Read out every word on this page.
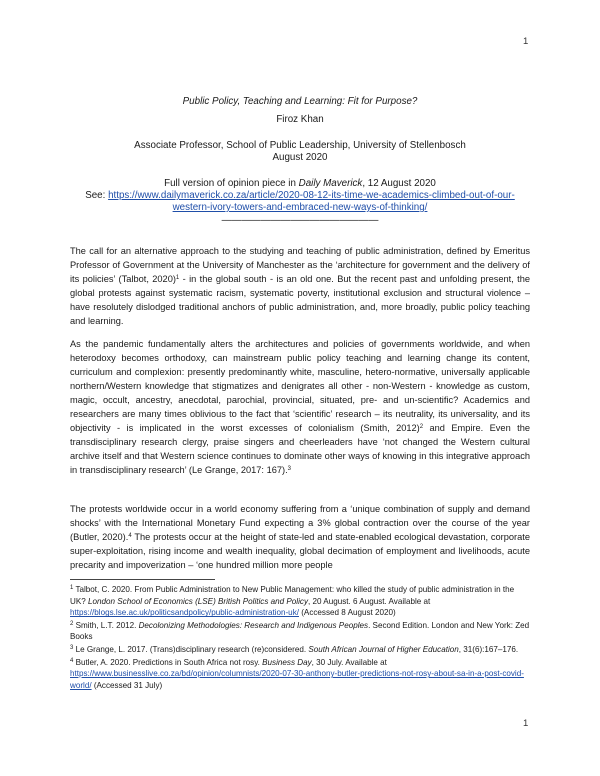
1
Public Policy, Teaching and Learning: Fit for Purpose?
Firoz Khan
Associate Professor, School of Public Leadership, University of Stellenbosch
August 2020
Full version of opinion piece in Daily Maverick, 12 August 2020
See: https://www.dailymaverick.co.za/article/2020-08-12-its-time-we-academics-climbed-out-of-our-western-ivory-towers-and-embraced-new-ways-of-thinking/
————————————————
The call for an alternative approach to the studying and teaching of public administration, defined by Emeritus Professor of Government at the University of Manchester as the ‘architecture for government and the delivery of its policies’ (Talbot, 2020)$^1$ - in the global south - is an old one. But the recent past and unfolding present, the global protests against systematic racism, systematic poverty, institutional exclusion and structural violence – have resolutely dislodged traditional anchors of public administration, and, more broadly, public policy teaching and learning.
As the pandemic fundamentally alters the architectures and policies of governments worldwide, and when heterodoxy becomes orthodoxy, can mainstream public policy teaching and learning change its content, curriculum and complexion: presently predominantly white, masculine, hetero-normative, universally applicable northern/Western knowledge that stigmatizes and denigrates all other - non-Western - knowledge as custom, magic, occult, ancestry, anecdotal, parochial, provincial, situated, pre- and un-scientific? Academics and researchers are many times oblivious to the fact that ‘scientific’ research – its neutrality, its universality, and its objectivity - is implicated in the worst excesses of colonialism (Smith, 2012)$^2$ and Empire. Even the transdisciplinary research clergy, praise singers and cheerleaders have ‘not changed the Western cultural archive itself and that Western science continues to dominate other ways of knowing in this integrative approach in transdisciplinary research’ (Le Grange, 2017: 167).$^3$
The protests worldwide occur in a world economy suffering from a ‘unique combination of supply and demand shocks’ with the International Monetary Fund expecting a 3% global contraction over the course of the year (Butler, 2020).$^4$ The protests occur at the height of state-led and state-enabled ecological devastation, corporate super-exploitation, rising income and wealth inequality, global decimation of employment and livelihoods, acute precarity and impoverization – ‘one hundred million more people
$^1$ Talbot, C. 2020. From Public Administration to New Public Management: who killed the study of public administration in the UK? London School of Economics (LSE) British Politics and Policy, 20 August. 6 August. Available at https://blogs.lse.ac.uk/politicsandpolicy/public-administration-uk/ (Accessed 8 August 2020)
$^2$ Smith, L.T. 2012. Decolonizing Methodologies: Research and Indigenous Peoples. Second Edition. London and New York: Zed Books
$^3$ Le Grange, L. 2017. (Trans)disciplinary research (re)considered. South African Journal of Higher Education, 31(6):167–176.
$^4$ Butler, A. 2020. Predictions in South Africa not rosy. Business Day, 30 July. Available at https://www.businesslive.co.za/bd/opinion/columnists/2020-07-30-anthony-butler-predictions-not-rosy-about-sa-in-a-post-covid-world/ (Accessed 31 July)
1
